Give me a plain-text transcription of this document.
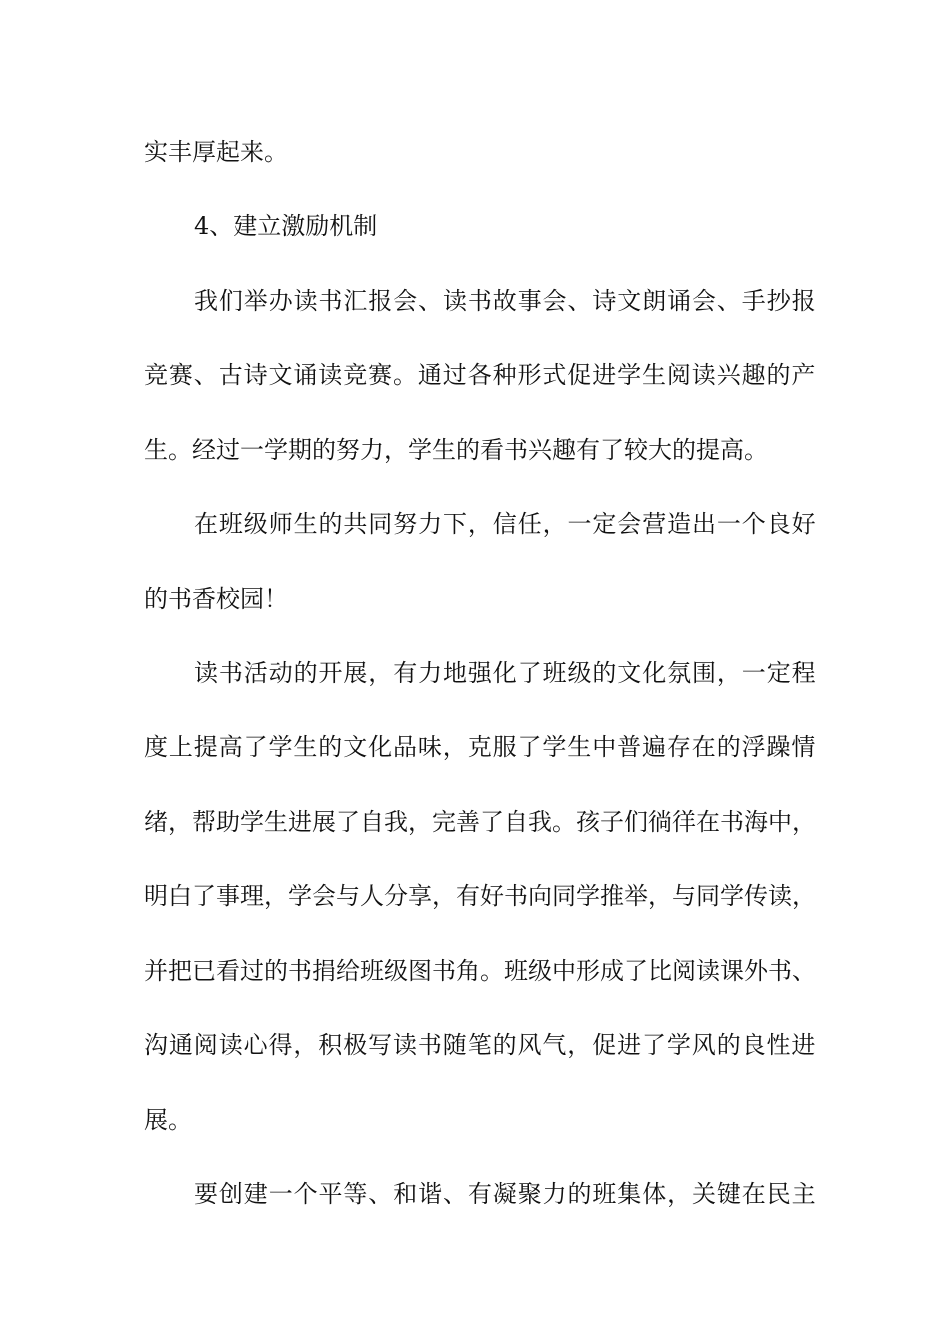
实丰厚起来。
4、建立激励机制
我们举办读书汇报会、读书故事会、诗文朗诵会、手抄报
竞赛、古诗文诵读竞赛。通过各种形式促进学生阅读兴趣的产
生。经过一学期的努力，学生的看书兴趣有了较大的提高。
在班级师生的共同努力下，信任，一定会营造出一个良好
的书香校园！
读书活动的开展，有力地强化了班级的文化氛围，一定程
度上提高了学生的文化品味，克服了学生中普遍存在的浮躁情
绪，帮助学生进展了自我，完善了自我。孩子们徜徉在书海中，
明白了事理，学会与人分享，有好书向同学推举，与同学传读，
并把已看过的书捐给班级图书角。班级中形成了比阅读课外书、
沟通阅读心得，积极写读书随笔的风气，促进了学风的良性进
展。
要创建一个平等、和谐、有凝聚力的班集体，关键在民主
